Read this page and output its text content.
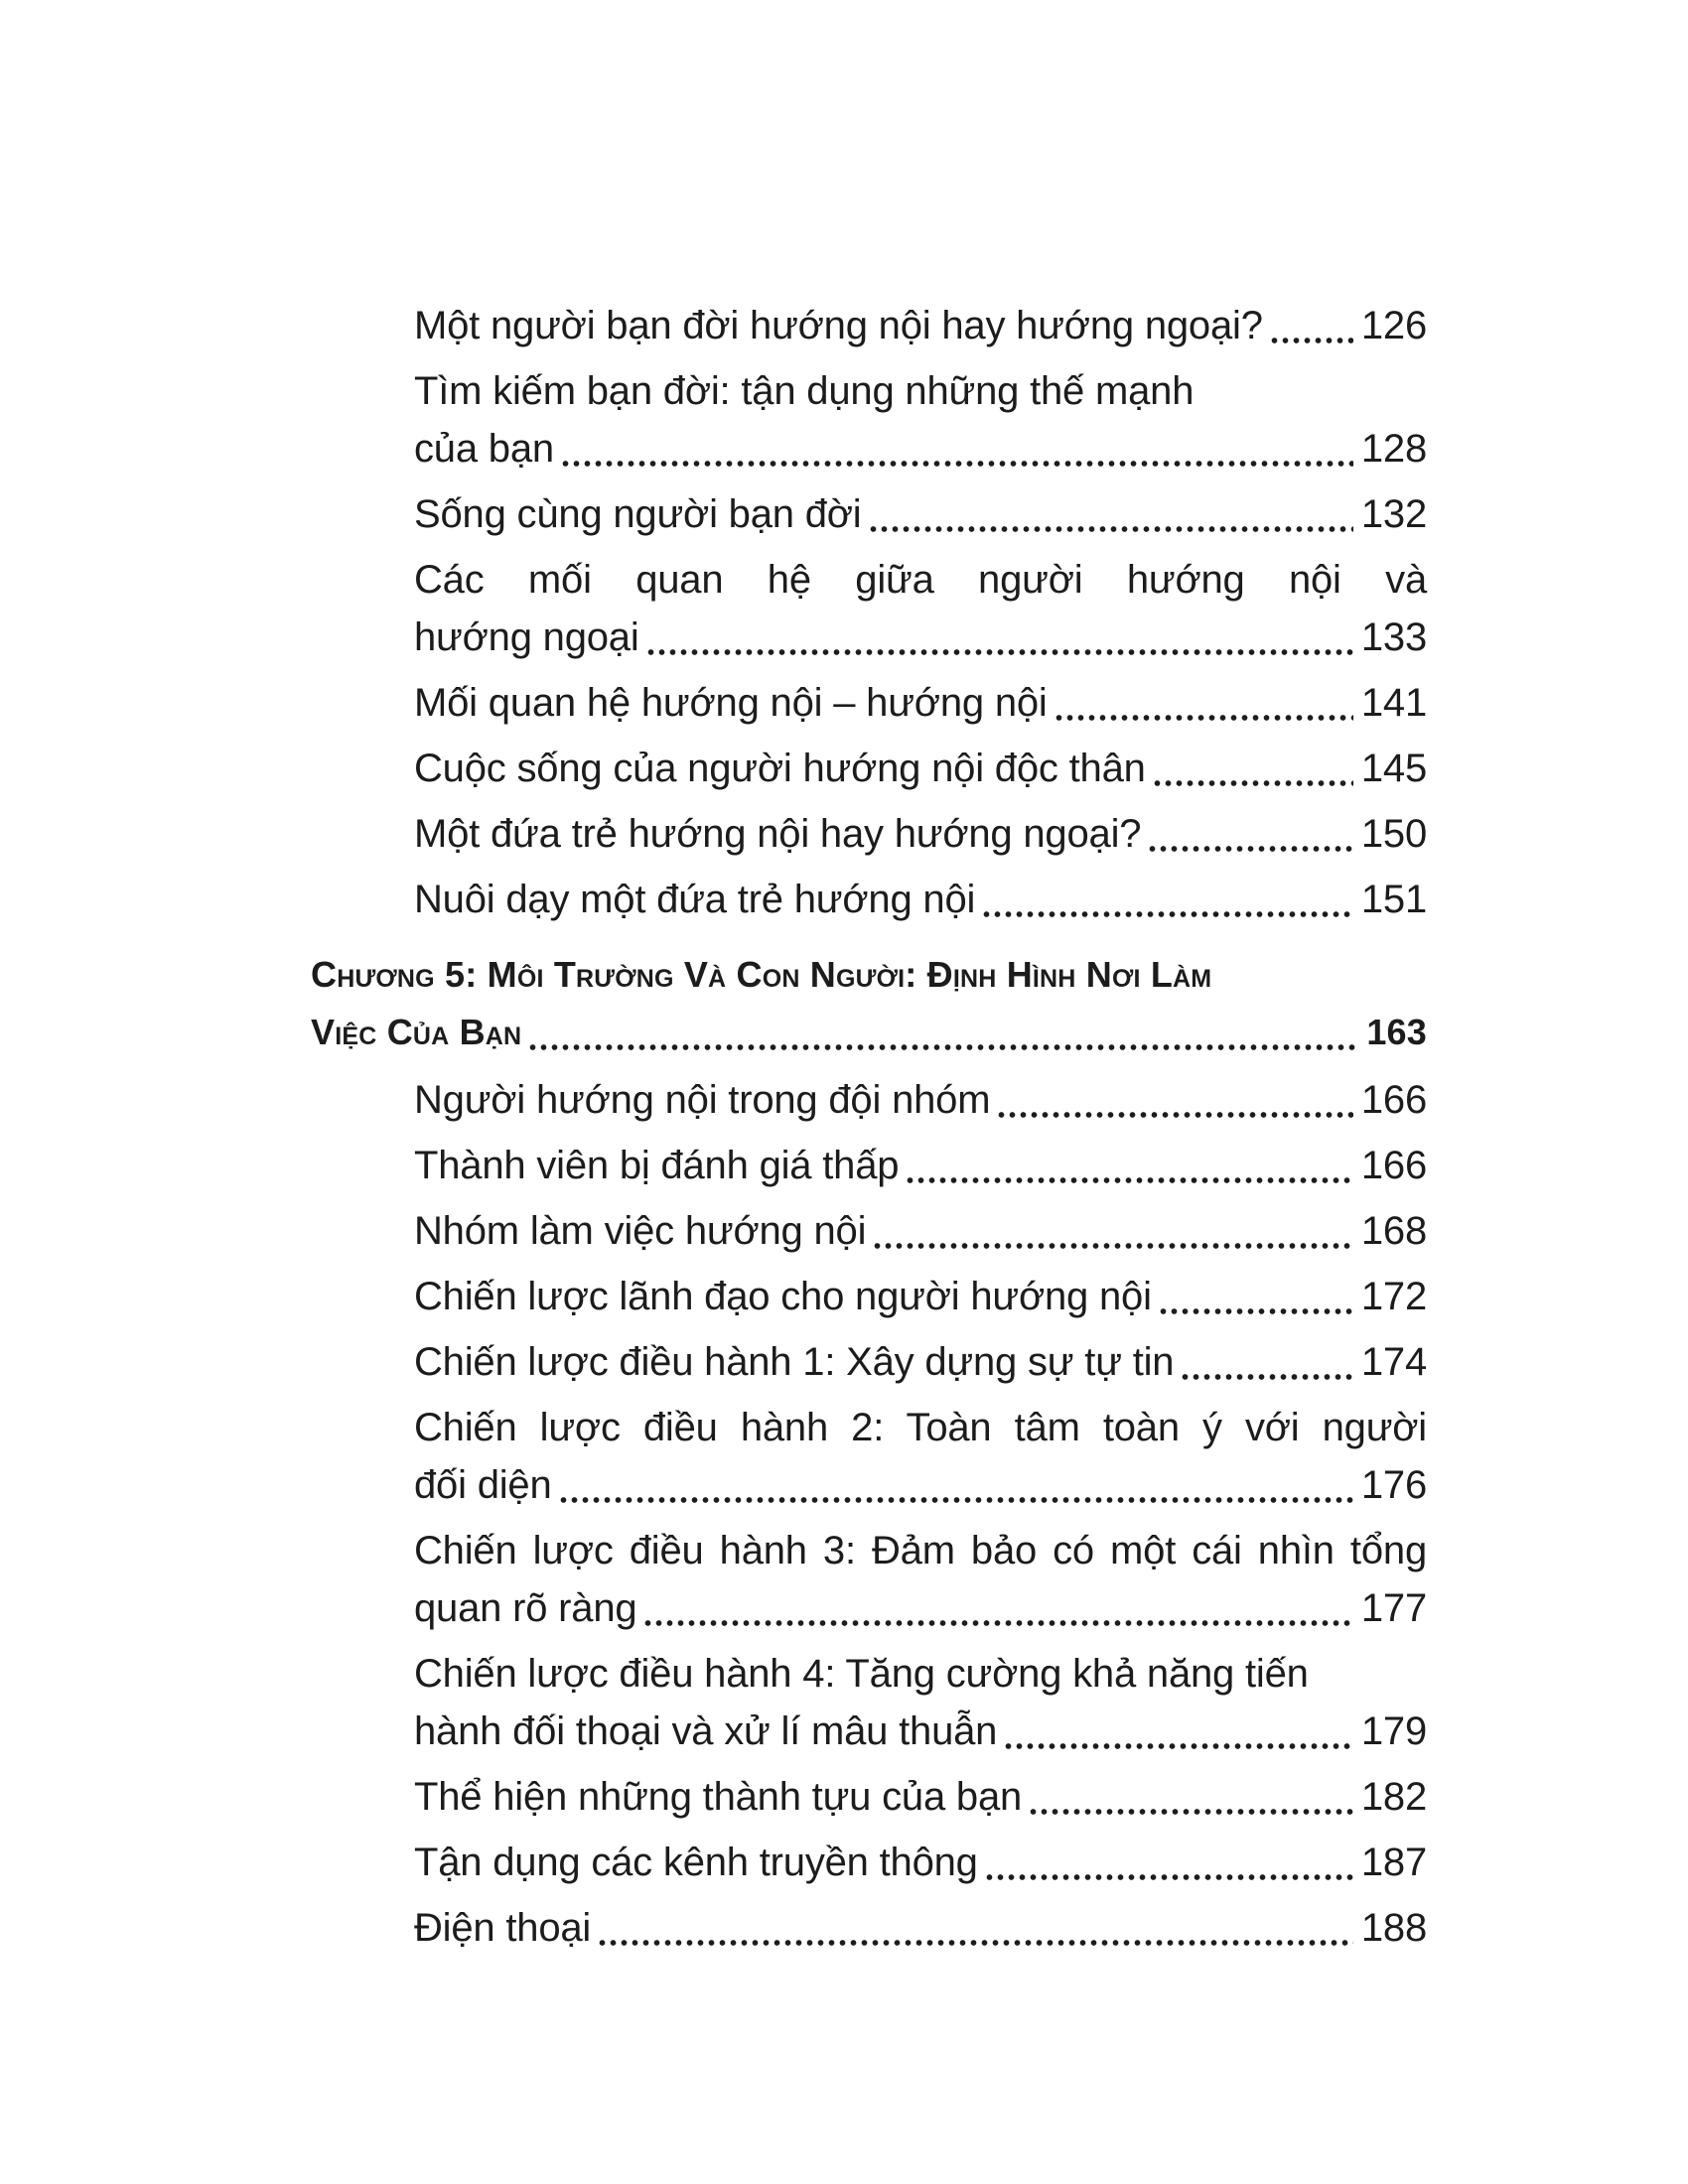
Một người bạn đời hướng nội hay hướng ngoại? 126
Tìm kiếm bạn đời: tận dụng những thế mạnh
của bạn	128
Sống cùng người bạn đời	132
Các mối quan hệ giữa người hướng nội và
hướng ngoại	133
Mối quan hệ hướng nội – hướng nội	141
Cuộc sống của người hướng nội độc thân	145
Một đứa trẻ hướng nội hay hướng ngoại?	150
Nuôi dạy một đứa trẻ hướng nội	151
Chương 5: Môi Trường Và Con Người: Định Hình Nơi Làm
Việc Của Bạn	163
Người hướng nội trong đội nhóm	166
Thành viên bị đánh giá thấp	166
Nhóm làm việc hướng nội	168
Chiến lược lãnh đạo cho người hướng nội	172
Chiến lược điều hành 1: Xây dựng sự tự tin	174
Chiến lược điều hành 2: Toàn tâm toàn ý với người
đối diện	176
Chiến lược điều hành 3: Đảm bảo có một cái nhìn tổng
quan rõ ràng	177
Chiến lược điều hành 4: Tăng cường khả năng tiến
hành đối thoại và xử lí mâu thuẫn	179
Thể hiện những thành tựu của bạn	182
Tận dụng các kênh truyền thông	187
Điện thoại	188
